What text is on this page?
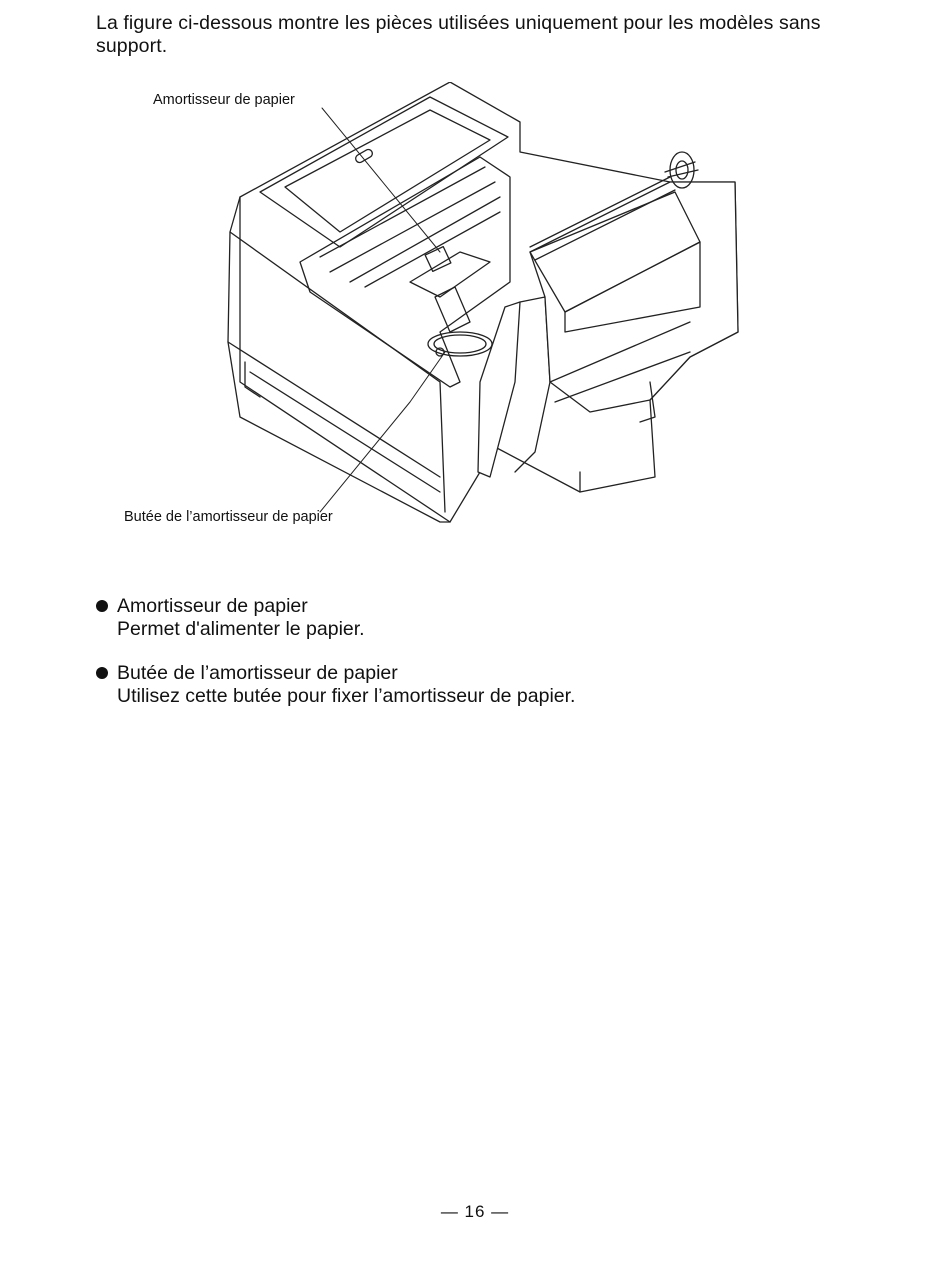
La figure ci-dessous montre les pièces utilisées uniquement pour les modèles sans support.

Amortisseur de papier

Butée de l’amortisseur de papier

Amortisseur de papier
Permet d'alimenter le papier.
Butée de l’amortisseur de papier
Utilisez cette butée pour fixer l’amortisseur de papier.
— 16 —
